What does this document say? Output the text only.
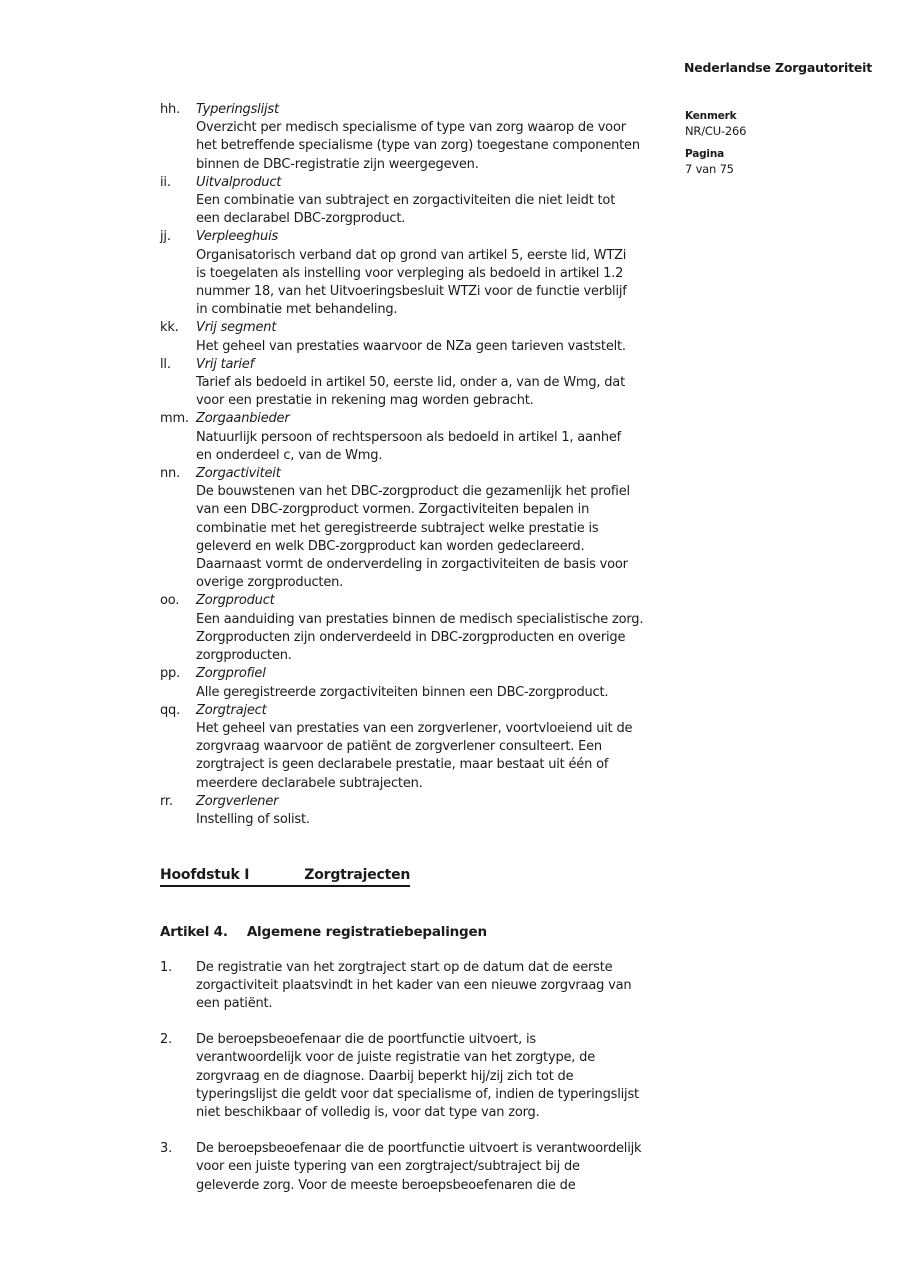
Nederlandse Zorgautoriteit
Kenmerk
NR/CU-266
Pagina
7 van 75
hh.	Typeringslijst
Overzicht per medisch specialisme of type van zorg waarop de voor
het betreffende specialisme (type van zorg) toegestane componenten
binnen de DBC-registratie zijn weergegeven.
ii.	Uitvalproduct
Een combinatie van subtraject en zorgactiviteiten die niet leidt tot
een declarabel DBC-zorgproduct.
jj.	Verpleeghuis
Organisatorisch verband dat op grond van artikel 5, eerste lid, WTZi
is toegelaten als instelling voor verpleging als bedoeld in artikel 1.2
nummer 18, van het Uitvoeringsbesluit WTZi voor de functie verblijf
in combinatie met behandeling.
kk.	Vrij segment
Het geheel van prestaties waarvoor de NZa geen tarieven vaststelt.
ll.	Vrij tarief
Tarief als bedoeld in artikel 50, eerste lid, onder a, van de Wmg, dat
voor een prestatie in rekening mag worden gebracht.
mm. Zorgaanbieder
Natuurlijk persoon of rechtspersoon als bedoeld in artikel 1, aanhef
en onderdeel c, van de Wmg.
nn.	Zorgactiviteit
De bouwstenen van het DBC-zorgproduct die gezamenlijk het profiel
van een DBC-zorgproduct vormen. Zorgactiviteiten bepalen in
combinatie met het geregistreerde subtraject welke prestatie is
geleverd en welk DBC-zorgproduct kan worden gedeclareerd.
Daarnaast vormt de onderverdeling in zorgactiviteiten de basis voor
overige zorgproducten.
oo.	Zorgproduct
Een aanduiding van prestaties binnen de medisch specialistische zorg.
Zorgproducten zijn onderverdeeld in DBC-zorgproducten en overige
zorgproducten.
pp.	Zorgprofiel
Alle geregistreerde zorgactiviteiten binnen een DBC-zorgproduct.
qq.	Zorgtraject
Het geheel van prestaties van een zorgverlener, voortvloeiend uit de
zorgvraag waarvoor de patiënt de zorgverlener consulteert. Een
zorgtraject is geen declarabele prestatie, maar bestaat uit één of
meerdere declarabele subtrajecten.
rr.	Zorgverlener
Instelling of solist.
Hoofdstuk I	Zorgtrajecten
Artikel 4. Algemene registratiebepalingen
1.	De registratie van het zorgtraject start op de datum dat de eerste
zorgactiviteit plaatsvindt in het kader van een nieuwe zorgvraag van
een patiënt.
2.	De beroepsbeoefenaar die de poortfunctie uitvoert, is
verantwoordelijk voor de juiste registratie van het zorgtype, de
zorgvraag en de diagnose. Daarbij beperkt hij/zij zich tot de
typeringslijst die geldt voor dat specialisme of, indien de typeringslijst
niet beschikbaar of volledig is, voor dat type van zorg.
3.	De beroepsbeoefenaar die de poortfunctie uitvoert is verantwoordelijk
voor een juiste typering van een zorgtraject/subtraject bij de
geleverde zorg. Voor de meeste beroepsbeoefenaren die de
